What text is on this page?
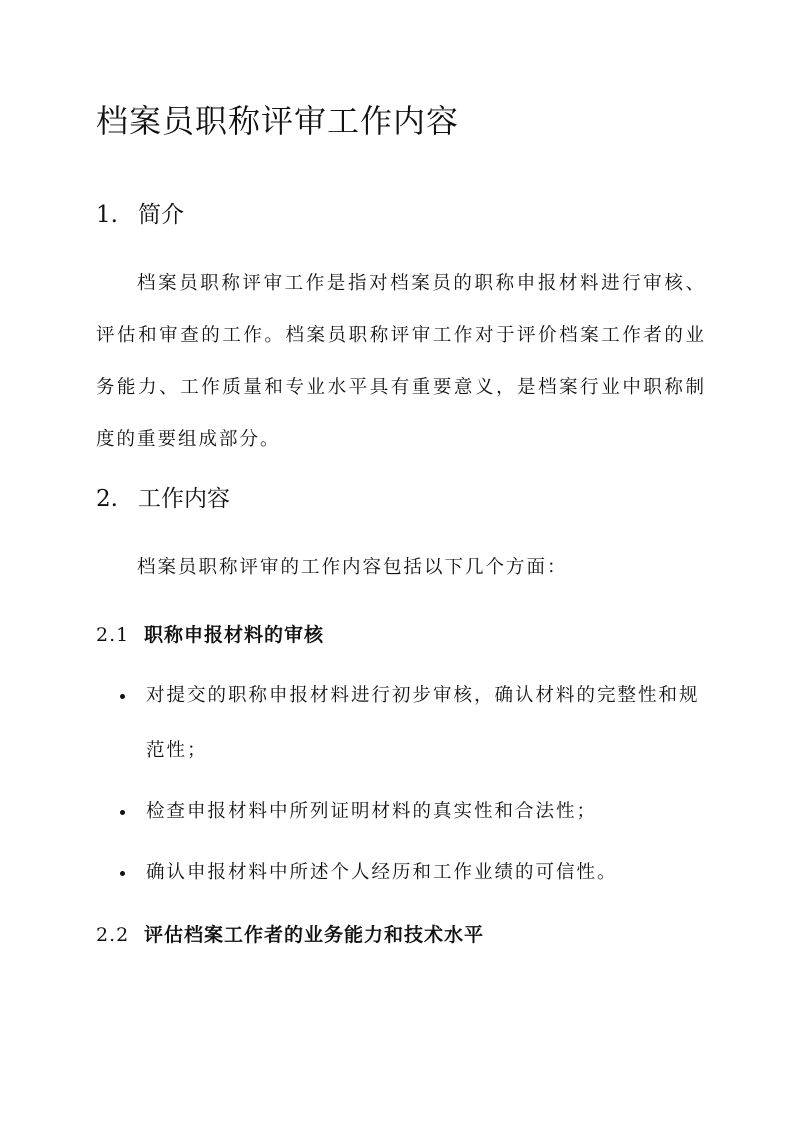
档案员职称评审工作内容
1. 简介

档案员职称评审工作是指对档案员的职称申报材料进行审核、评估和审查的工作。档案员职称评审工作对于评价档案工作者的业务能力、工作质量和专业水平具有重要意义，是档案行业中职称制度的重要组成部分。

2. 工作内容

档案员职称评审的工作内容包括以下几个方面：

2.1 职称申报材料的审核
对提交的职称申报材料进行初步审核，确认材料的完整性和规范性；
检查申报材料中所列证明材料的真实性和合法性；
确认申报材料中所述个人经历和工作业绩的可信性。
2.2 评估档案工作者的业务能力和技术水平
